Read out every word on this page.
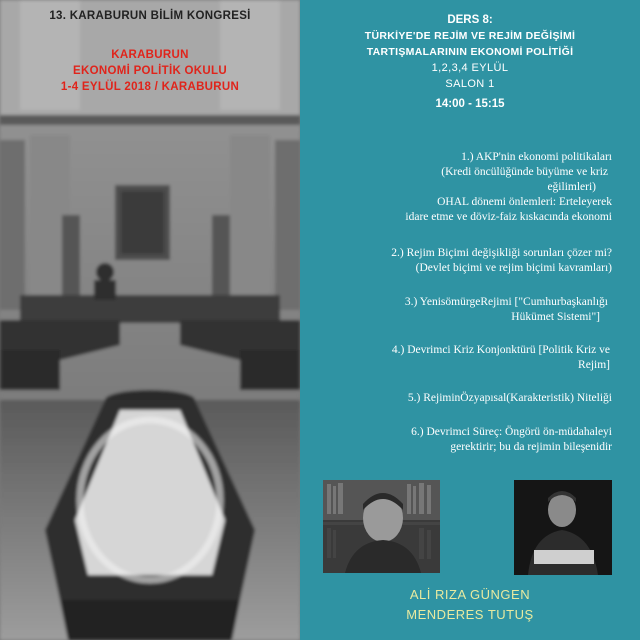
13. KARABURUN BİLİM KONGRESİ
KARABURUN
EKONOMİ POLİTİK OKULU
1-4 EYLÜL 2018 / KARABURUN
DERS 8:
TÜRKİYE'DE REJİM VE REJİM DEĞİŞİMİ
TARTIŞMALARININ EKONOMİ POLİTİĞİ
1,2,3,4 EYLÜL
SALON 1
14:00 - 15:15
1.) AKP'nin ekonomi politikaları
(Kredi öncülüğünde büyüme ve kriz
eğilimleri)
OHAL dönemi önlemleri: Erteleyerek
idare etme ve döviz-faiz kıskacında ekonomi
2.) Rejim Biçimi değişikliği sorunları çözer mi?
(Devlet biçimi ve rejim biçimi kavramları)
3.) YenisömürgeRejimi ["Cumhurbaşkanlığı
Hükümet Sistemi"]
4.) Devrimci Kriz Konjonktürü [Politik Kriz ve
Rejim]
5.) RejiminÖzyapısal(Karakteristik) Niteliği
6.) Devrimci Süreç: Öngörü ön-müdahaleyi
gerektirir; bu da rejimin bileşenidir
ALİ RIZA GÜNGEN
MENDERES TUTUŞ
